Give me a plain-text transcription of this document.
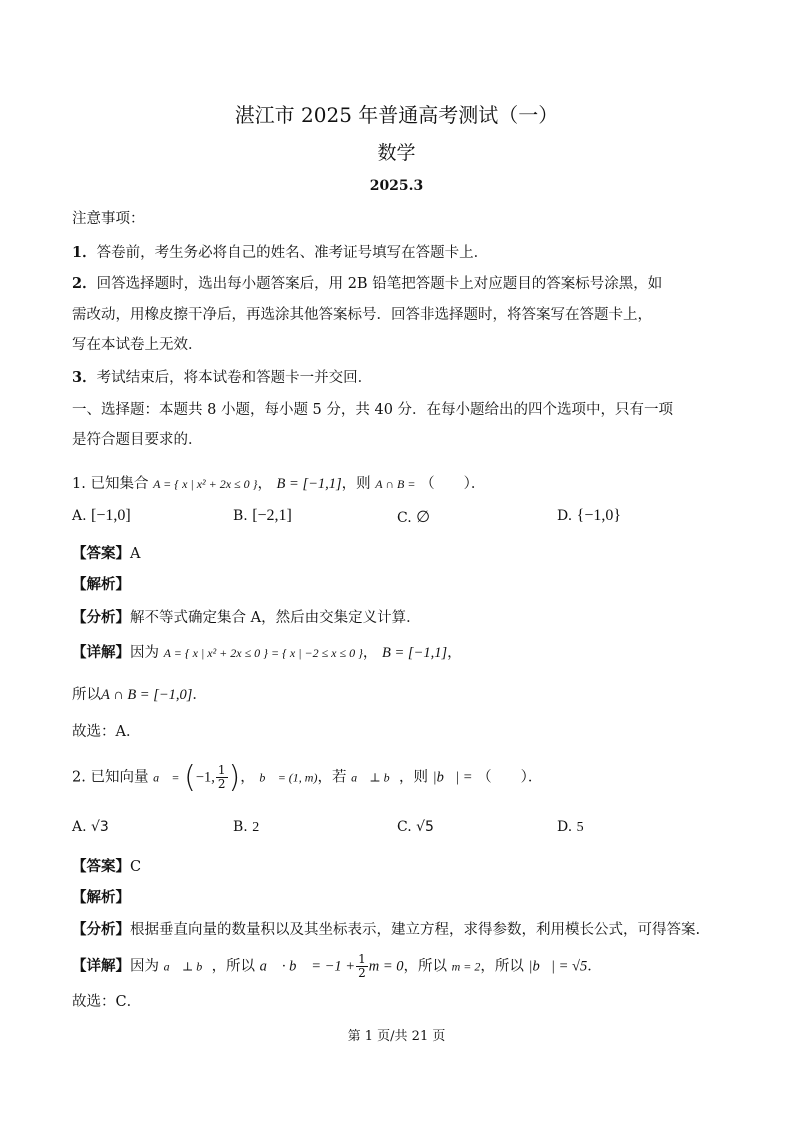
湛江市 2025 年普通高考测试（一）
数学
2025.3
注意事项：
1．答卷前，考生务必将自己的姓名、准考证号填写在答题卡上．
2．回答选择题时，选出每小题答案后，用 2B 铅笔把答题卡上对应题目的答案标号涂黑，如
需改动，用橡皮擦干净后，再选涂其他答案标号．回答非选择题时，将答案写在答题卡上，
写在本试卷上无效．
3．考试结束后，将本试卷和答题卡一并交回．
一、选择题：本题共 8 小题，每小题 5 分，共 40 分．在每小题给出的四个选项中，只有一项
是符合题目要求的．
1. 已知集合 A = { x | x² + 2x ≤ 0 }， B = [−1,1]，则 A ∩ B = （　　）．
A. [−1,0]	B. [−2,1]	C. ∅	D. {−1,0}
【答案】A
【解析】
【分析】解不等式确定集合 A，然后由交集定义计算．
【详解】因为 A = { x | x² + 2x ≤ 0 } = { x | −2 ≤ x ≤ 0 }， B = [−1,1]，
所以A ∩ B = [−1,0]．
故选：A．
2. 已知向量 a⃗ = (−1, $\frac{1}{2}$ )， b⃗ = (1, m)，若 a⃗ ⊥ b⃗，则 |b⃗| = （　　）．
A. √3	B. 2	C. √5	D. 5
【答案】C
【解析】
【分析】根据垂直向量的数量积以及其坐标表示，建立方程，求得参数，利用模长公式，可得答案.
【详解】因为 a⃗ ⊥ b⃗，所以 a⃗ · b⃗ = $-1 + \frac{1}{2}$ m = 0，所以 m = 2，所以 |b⃗| = √5．
故选：C．
第 1 页/共 21 页
